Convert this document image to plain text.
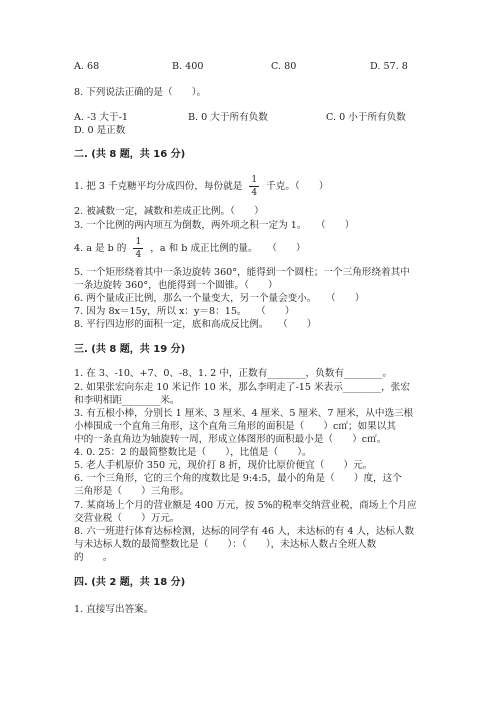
A. 68	B. 400	C. 80	D. 57. 8
8. 下列说法正确的是（　　）。
A. -3 大于-1	B. 0 大于所有负数	C. 0 小于所有负数
D. 0 是正数
二. (共 8 题，共 16 分)
1. 把 3 千克糖平均分成四份，每份就是 $\frac{1}{4}$ 千克。（　　）
2. 被减数一定，减数和差成正比例。（　　）
3. 一个比例的两内项互为倒数，两外项之积一定为 1。　　（　　）
4. a 是 b 的 $\frac{1}{4}$ ，a 和 b 成正比例的量。　　（　　）
5. 一个矩形绕着其中一条边旋转 360°，能得到一个圆柱；一个三角形绕着其中
一条边旋转 360°，也能得到一个圆锥。（　　）
6. 两个量成正比例，那么一个量变大，另一个量会变小。　　（　　）
7. 因为 8x＝15y，所以 x：y＝8：15。　　（　　）
8. 平行四边形的面积一定，底和高成反比例。　　（　　）
三. (共 8 题，共 19 分)
1. 在 3、-10、+7、0、-8、1. 2 中，正数有________，负数有________。
2. 如果张宏向东走 10 米记作 10 米，那么李明走了-15 米表示________，张宏
和李明相距________米。
3. 有五根小棒，分别长 1 厘米、3 厘米、4 厘米、5 厘米、7 厘米，从中选三根
小棒围成一个直角三角形，这个直角三角形的面积是（　　）c㎡；如果以其
中的一条直角边为轴旋转一周，形成立体图形的面积最小是（　　）c㎡。
4. 0. 25：2 的最简整数比是（　　），比值是（　　）。
5. 老人手机原价 350 元，现价打 8 折，现价比原价便宜（　　）元。
6. 一个三角形，它的三个角的度数比是 9:4:5，最小的角是（　　）度，这个
三角形是（　　）三角形。
7. 某商场上个月的营业额是 400 万元，按 5%的税率交纳营业税，商场上个月应
交营业税（　　）万元。
8. 六一班进行体育达标检测，达标的同学有 46 人，未达标的有 4 人，达标人数
与未达标人数的最简整数比是（　　）：（　　），未达标人数占全班人数
的　　。
四. (共 2 题，共 18 分)
1. 直接写出答案。
